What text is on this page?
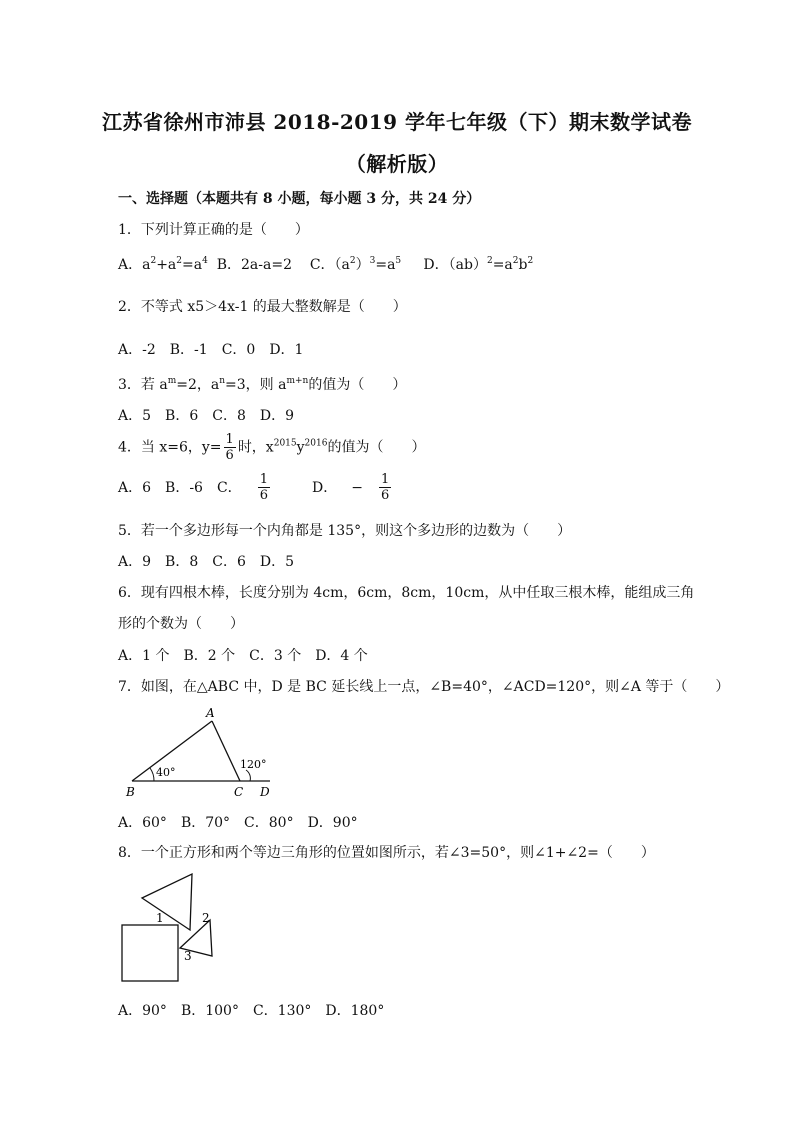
江苏省徐州市沛县 2018-2019 学年七年级（下）期末数学试卷
（解析版）
一、选择题（本题共有 8 小题，每小题 3 分，共 24 分）
1．下列计算正确的是（　　）
A．$a^2+a^2=a^4$ B．2a-a=2 C．$(a^2)^3=a^5$ D．$(ab)^2=a^2b^2$
2．不等式 x5＞4x-1 的最大整数解是（　　）
A．-2 B．-1 C．0 D．1
3．若 $a^m=2$，$a^n=3$，则 $a^{m+n}$的值为（　　）
A．5 B．6 C．8 D．9
4．当 x=6，$y= \frac{1}{6}$ 时，$x^{2015}y^{2016}$的值为（　　）
A．6 B．-6 C． $\frac{1}{6}$ D． − $\frac{1}{6}$
5．若一个多边形每一个内角都是 135°，则这个多边形的边数为（　　）
A．9 B．8 C．6 D．5
6．现有四根木棒，长度分别为 4cm，6cm，8cm，10cm，从中任取三根木棒，能组成三角
形的个数为（　　）
A．1 个 B．2 个 C．3 个 D．4 个
7．如图，在△ABC 中，D 是 BC 延长线上一点，∠B=40°，∠ACD=120°，则∠A 等于（　　）
A
B	C D
40°
120°
A．60° B．70° C．80° D．90°
8．一个正方形和两个等边三角形的位置如图所示，若∠3=50°，则∠1+∠2=（　　）
1	2
3
A．90° B．100° C．130° D．180°
